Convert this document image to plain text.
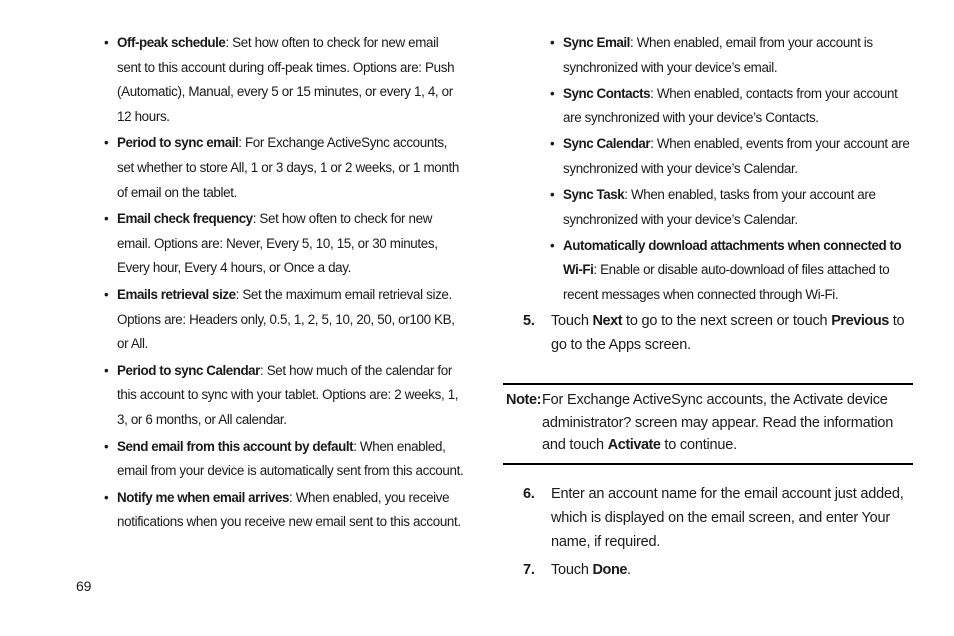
• Off-peak schedule: Set how often to check for new email sent to this account during off-peak times. Options are: Push (Automatic), Manual, every 5 or 15 minutes, or every 1, 4, or 12 hours.
• Period to sync email: For Exchange ActiveSync accounts, set whether to store All, 1 or 3 days, 1 or 2 weeks, or 1 month of email on the tablet.
• Email check frequency: Set how often to check for new email. Options are: Never, Every 5, 10, 15, or 30 minutes, Every hour, Every 4 hours, or Once a day.
• Emails retrieval size: Set the maximum email retrieval size. Options are: Headers only, 0.5, 1, 2, 5, 10, 20, 50, or100 KB, or All.
• Period to sync Calendar: Set how much of the calendar for this account to sync with your tablet. Options are: 2 weeks, 1, 3, or 6 months, or All calendar.
• Send email from this account by default: When enabled, email from your device is automatically sent from this account.
• Notify me when email arrives: When enabled, you receive notifications when you receive new email sent to this account.
• Sync Email: When enabled, email from your account is synchronized with your device’s email.
• Sync Contacts: When enabled, contacts from your account are synchronized with your device’s Contacts.
• Sync Calendar: When enabled, events from your account are synchronized with your device’s Calendar.
• Sync Task: When enabled, tasks from your account are synchronized with your device’s Calendar.
• Automatically download attachments when connected to Wi-Fi: Enable or disable auto-download of files attached to recent messages when connected through Wi-Fi.
5. Touch Next to go to the next screen or touch Previous to go to the Apps screen.
Note: For Exchange ActiveSync accounts, the Activate device administrator? screen may appear. Read the information and touch Activate to continue.
6. Enter an account name for the email account just added, which is displayed on the email screen, and enter Your name, if required.
7. Touch Done.
69
